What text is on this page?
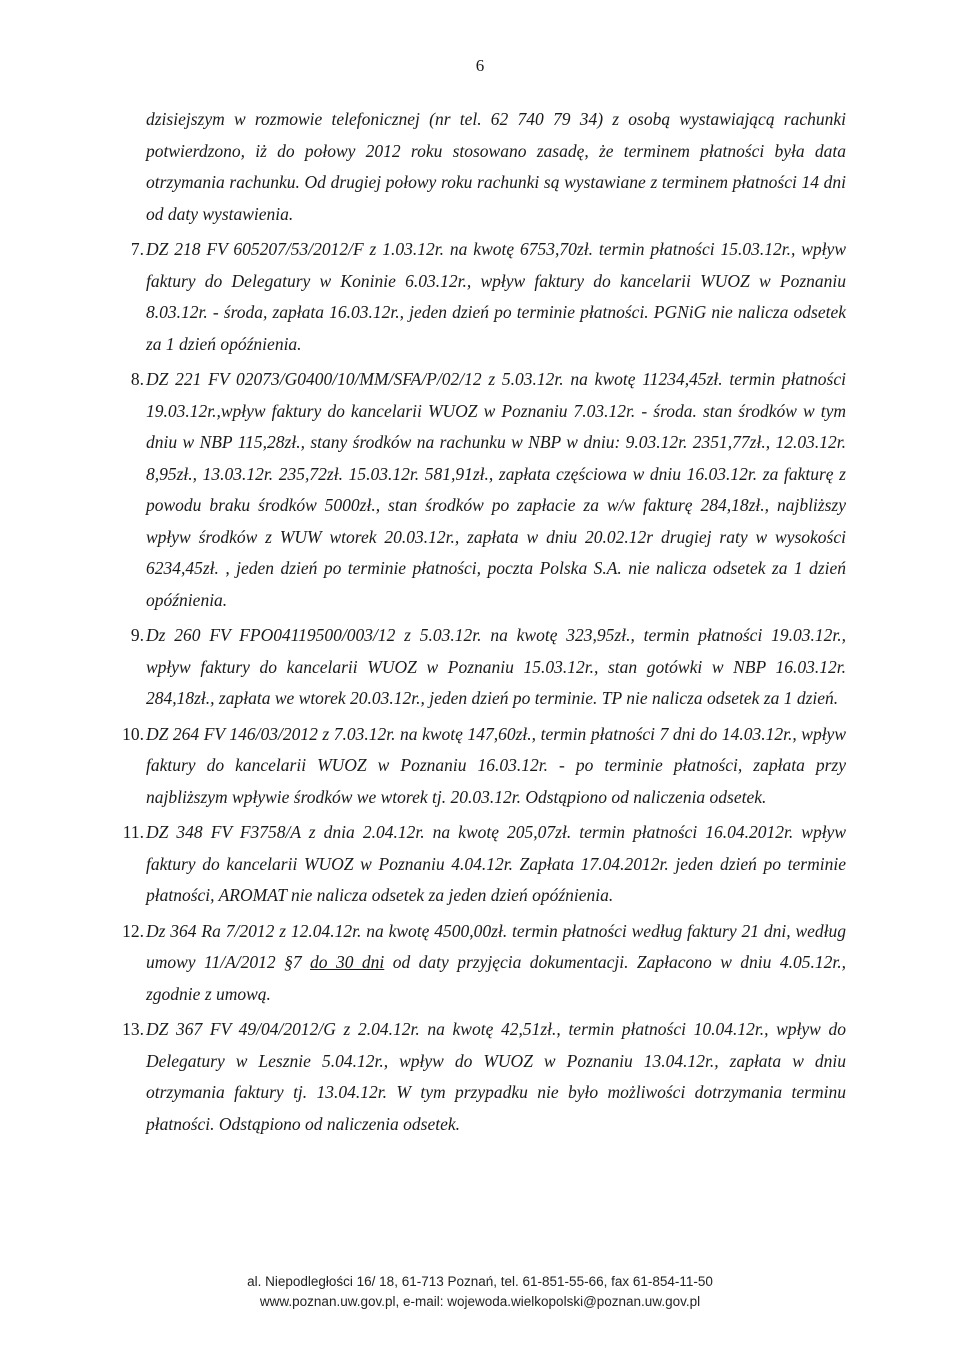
6

dzisiejszym w rozmowie telefonicznej (nr tel. 62 740 79 34) z osobą wystawiającą rachunki potwierdzono, iż do połowy 2012 roku stosowano zasadę, że terminem płatności była data otrzymania rachunku. Od drugiej połowy roku rachunki są wystawiane z terminem płatności 14 dni od daty wystawienia.

7. DZ 218 FV 605207/53/2012/F z 1.03.12r. na kwotę 6753,70zł. termin płatności 15.03.12r., wpływ faktury do Delegatury w Koninie 6.03.12r., wpływ faktury do kancelarii WUOZ w Poznaniu 8.03.12r. - środa, zapłata 16.03.12r., jeden dzień po terminie płatności. PGNiG nie nalicza odsetek za 1 dzień opóźnienia.

8. DZ 221 FV 02073/G0400/10/MM/SFA/P/02/12 z 5.03.12r. na kwotę 11234,45zł. termin płatności 19.03.12r.,wpływ faktury do kancelarii WUOZ w Poznaniu 7.03.12r. - środa. stan środków w tym dniu w NBP 115,28zł., stany środków na rachunku w NBP w dniu: 9.03.12r. 2351,77zł., 12.03.12r. 8,95zł., 13.03.12r. 235,72zł. 15.03.12r. 581,91zł., zapłata częściowa w dniu 16.03.12r. za fakturę z powodu braku środków 5000zł., stan środków po zapłacie za w/w fakturę 284,18zł., najbliższy wpływ środków z WUW wtorek 20.03.12r., zapłata w dniu 20.02.12r drugiej raty w wysokości 6234,45zł. , jeden dzień po terminie płatności, poczta Polska S.A. nie nalicza odsetek za 1 dzień opóźnienia.

9. Dz 260 FV FPO04119500/003/12 z 5.03.12r. na kwotę 323,95zł., termin płatności 19.03.12r., wpływ faktury do kancelarii WUOZ w Poznaniu 15.03.12r., stan gotówki w NBP 16.03.12r. 284,18zł., zapłata we wtorek 20.03.12r., jeden dzień po terminie. TP nie nalicza odsetek za 1 dzień.

10. DZ 264 FV 146/03/2012 z 7.03.12r. na kwotę 147,60zł., termin płatności 7 dni do 14.03.12r., wpływ faktury do kancelarii WUOZ w Poznaniu 16.03.12r. - po terminie płatności, zapłata przy najbliższym wpływie środków we wtorek tj. 20.03.12r. Odstąpiono od naliczenia odsetek.

11. DZ 348 FV F3758/A z dnia 2.04.12r. na kwotę 205,07zł. termin płatności 16.04.2012r. wpływ faktury do kancelarii WUOZ w Poznaniu 4.04.12r. Zapłata 17.04.2012r. jeden dzień po terminie płatności, AROMAT nie nalicza odsetek za jeden dzień opóźnienia.

12. Dz 364 Ra 7/2012 z 12.04.12r. na kwotę 4500,00zł. termin płatności według faktury 21 dni, według umowy 11/A/2012 §7 do 30 dni od daty przyjęcia dokumentacji. Zapłacono w dniu 4.05.12r., zgodnie z umową.

13. DZ 367 FV 49/04/2012/G z 2.04.12r. na kwotę 42,51zł., termin płatności 10.04.12r., wpływ do Delegatury w Lesznie 5.04.12r., wpływ do WUOZ w Poznaniu 13.04.12r., zapłata w dniu otrzymania faktury tj. 13.04.12r. W tym przypadku nie było możliwości dotrzymania terminu płatności. Odstąpiono od naliczenia odsetek.

al. Niepodległości 16/ 18, 61-713 Poznań, tel. 61-851-55-66, fax 61-854-11-50
www.poznan.uw.gov.pl, e-mail: wojewoda.wielkopolski@poznan.uw.gov.pl
